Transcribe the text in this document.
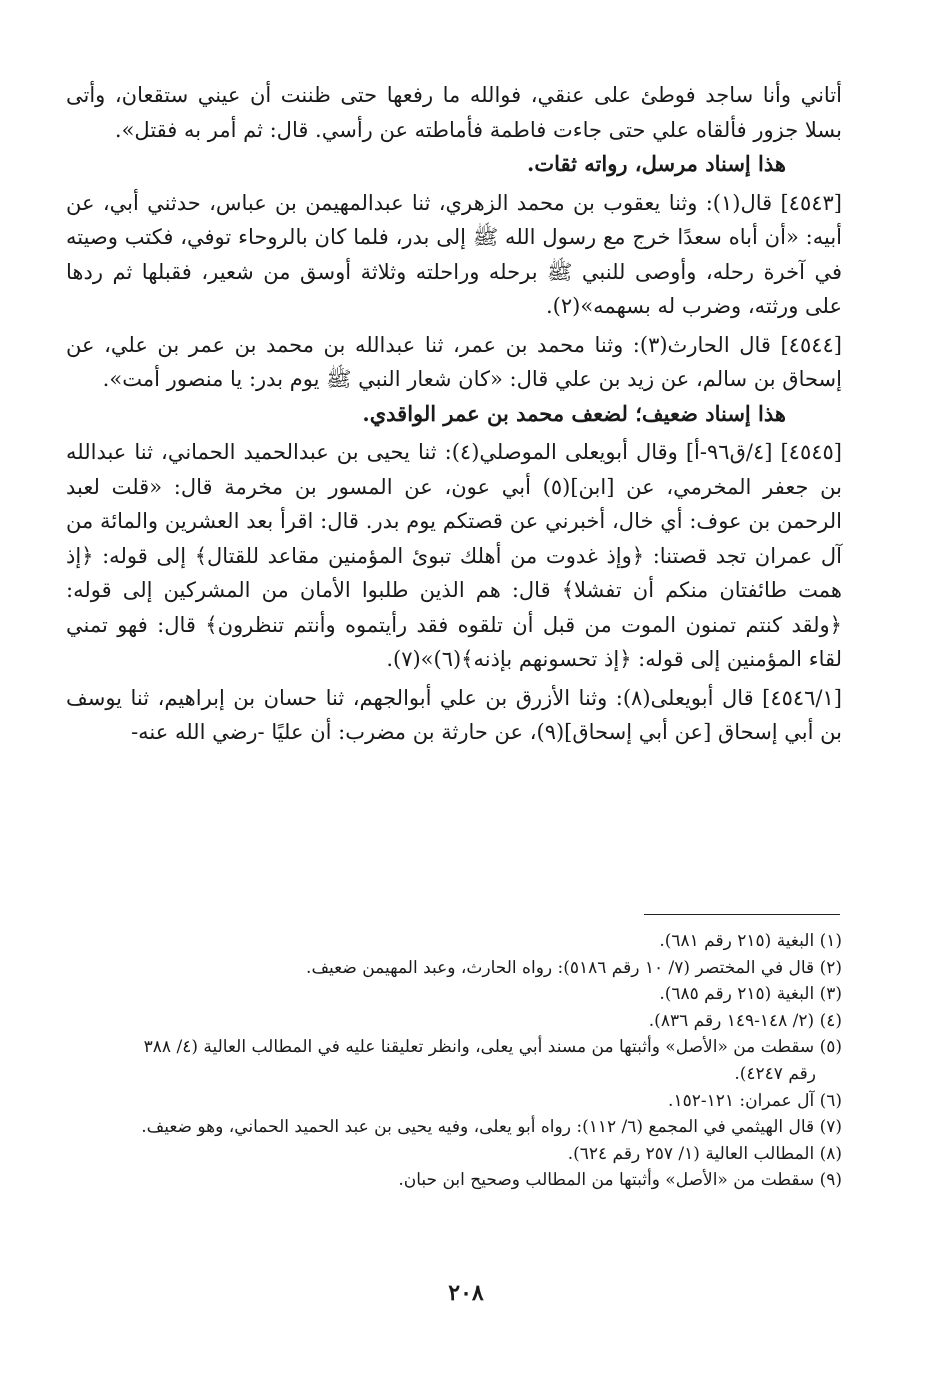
أتاني وأنا ساجد فوطئ على عنقي، فوالله ما رفعها حتى ظننت أن عيني ستقعان، وأتى بسلا جزور فألقاه علي حتى جاءت فاطمة فأماطته عن رأسي. قال: ثم أمر به فقتل».

هذا إسناد مرسل، رواته ثقات.

[٤٥٤٣] قال(١): وثنا يعقوب بن محمد الزهري، ثنا عبدالمهيمن بن عباس، حدثني أبي، عن أبيه: «أن أباه سعدًا خرج مع رسول الله ﷺ إلى بدر، فلما كان بالروحاء توفي، فكتب وصيته في آخرة رحله، وأوصى للنبي ﷺ برحله وراحلته وثلاثة أوسق من شعير، فقبلها ثم ردها على ورثته، وضرب له بسهمه»(٢).

[٤٥٤٤] قال الحارث(٣): وثنا محمد بن عمر، ثنا عبدالله بن محمد بن عمر بن علي، عن إسحاق بن سالم، عن زيد بن علي قال: «كان شعار النبي ﷺ يوم بدر: يا منصور أمت».

هذا إسناد ضعيف؛ لضعف محمد بن عمر الواقدي.

[٤٥٤٥] [٤/ق٩٦-أ] وقال أبويعلى الموصلي(٤): ثنا يحيى بن عبدالحميد الحماني، ثنا عبدالله بن جعفر المخرمي، عن [ابن](٥) أبي عون، عن المسور بن مخرمة قال: «قلت لعبد الرحمن بن عوف: أي خال، أخبرني عن قصتكم يوم بدر. قال: اقرأ بعد العشرين والمائة من آل عمران تجد قصتنا: ﴿وإذ غدوت من أهلك تبوئ المؤمنين مقاعد للقتال﴾ إلى قوله: ﴿إذ همت طائفتان منكم أن تفشلا﴾ قال: هم الذين طلبوا الأمان من المشركين إلى قوله: ﴿ولقد كنتم تمنون الموت من قبل أن تلقوه فقد رأيتموه وأنتم تنظرون﴾ قال: فهو تمني لقاء المؤمنين إلى قوله: ﴿إذ تحسونهم بإذنه﴾(٦)»(٧).

[٤٥٤٦/١] قال أبويعلى(٨): وثنا الأزرق بن علي أبوالجهم، ثنا حسان بن إبراهيم، ثنا يوسف بن أبي إسحاق [عن أبي إسحاق](٩)، عن حارثة بن مضرب: أن عليًا -رضي الله عنه-

(١) البغية (٢١٥ رقم ٦٨١).

(٢) قال في المختصر (٧/ ١٠ رقم ٥١٨٦): رواه الحارث، وعبد المهيمن ضعيف.

(٣) البغية (٢١٥ رقم ٦٨٥).

(٤) (٢/ ١٤٨-١٤٩ رقم ٨٣٦).

(٥) سقطت من «الأصل» وأثبتها من مسند أبي يعلى، وانظر تعليقنا عليه في المطالب العالية (٤/ ٣٨٨

رقم ٤٢٤٧).

(٦) آل عمران: ١٢١-١٥٢.

(٧) قال الهيثمي في المجمع (٦/ ١١٢): رواه أبو يعلى، وفيه يحيى بن عبد الحميد الحماني، وهو ضعيف.

(٨) المطالب العالية (١/ ٢٥٧ رقم ٦٢٤).

(٩) سقطت من «الأصل» وأثبتها من المطالب وصحيح ابن حبان.

٢٠٨
